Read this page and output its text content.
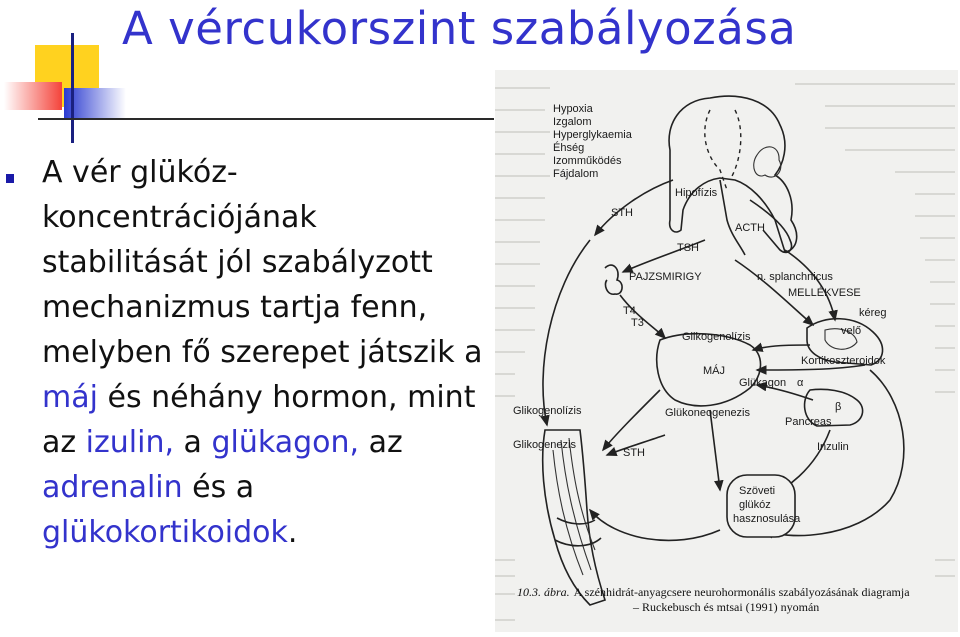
A vércukorszint szabályozása

A vér glükóz-koncentrációjának stabilitását jól szabályzott mechanizmus tartja fenn, melyben fő szerepet játszik a máj és néhány hormon, mint az izulin, a glükagon, az adrenalin és a glükokortikoidok.

Hypoxia
Izgalom
Hyperglykaemia
Éhség
Izomműködés
Fájdalom
Hipofízis
STH
ACTH
TSH
PAJZSMIRIGY	n. splanchnicus
MELLÉKVESE
kéreg
velő
T4
T3
Glikogenolízis
Kortikoszteroidok
MÁJ
Glükagon α
β
Glükoneogenezis
Pancreas
Inzulin
Glikogenolízis
Glikogenezis
STH
Szöveti
glükóz
hasznosulása
10.3. ábra. A szénhidrát-anyagcsere neurohormonális szabályozásának diagramja
– Ruckebusch és mtsai (1991) nyomán
